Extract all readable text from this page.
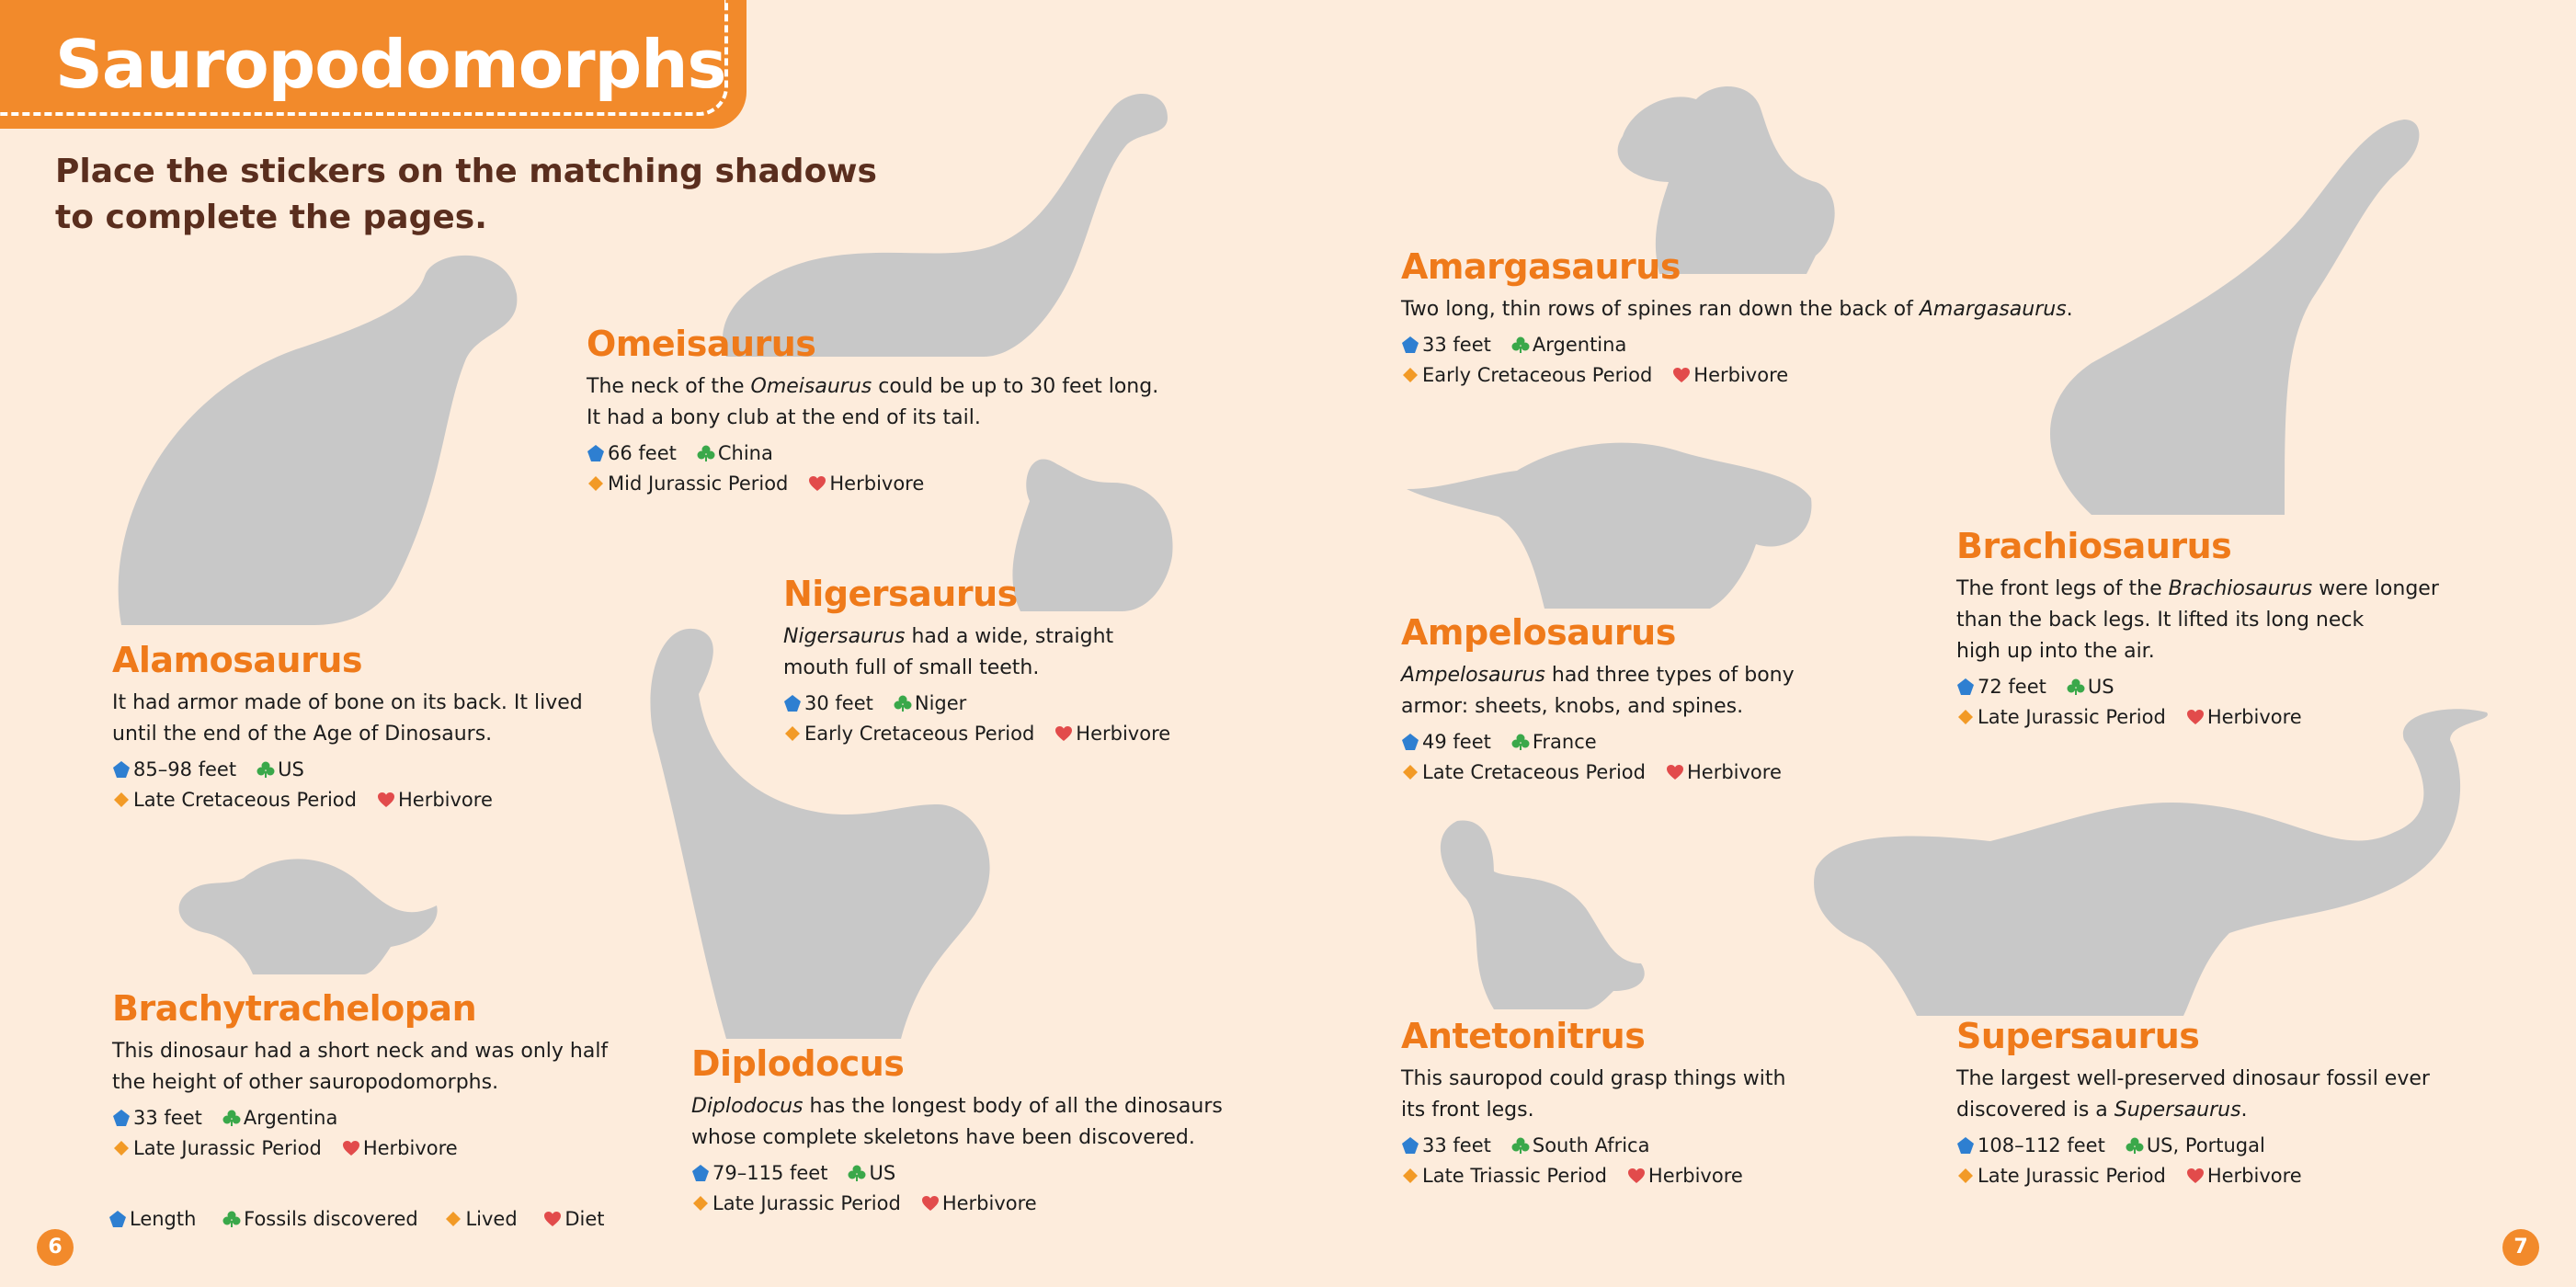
Sauropodomorphs
Place the stickers on the matching shadows
to complete the pages.
Omeisaurus
The neck of the Omeisaurus could be up to 30 feet long.
It had a bony club at the end of its tail.
66 feet China
Mid Jurassic Period Herbivore
Alamosaurus
It had armor made of bone on its back. It lived
until the end of the Age of Dinosaurs.
85–98 feet US
Late Cretaceous Period Herbivore
Nigersaurus
Nigersaurus had a wide, straight
mouth full of small teeth.
30 feet Niger
Early Cretaceous Period Herbivore
Brachytrachelopan
This dinosaur had a short neck and was only half
the height of other sauropodomorphs.
33 feet Argentina
Late Jurassic Period Herbivore
Diplodocus
Diplodocus has the longest body of all the dinosaurs
whose complete skeletons have been discovered.
79–115 feet US
Late Jurassic Period Herbivore
Amargasaurus
Two long, thin rows of spines ran down the back of Amargasaurus.
33 feet Argentina
Early Cretaceous Period Herbivore
Ampelosaurus
Ampelosaurus had three types of bony
armor: sheets, knobs, and spines.
49 feet France
Late Cretaceous Period Herbivore
Brachiosaurus
The front legs of the Brachiosaurus were longer
than the back legs. It lifted its long neck
high up into the air.
72 feet US
Late Jurassic Period Herbivore
Antetonitrus
This sauropod could grasp things with
its front legs.
33 feet South Africa
Late Triassic Period Herbivore
Supersaurus
The largest well-preserved dinosaur fossil ever
discovered is a Supersaurus.
108–112 feet US, Portugal
Late Jurassic Period Herbivore
Length
Fossils discovered
Lived
Diet
6	7
